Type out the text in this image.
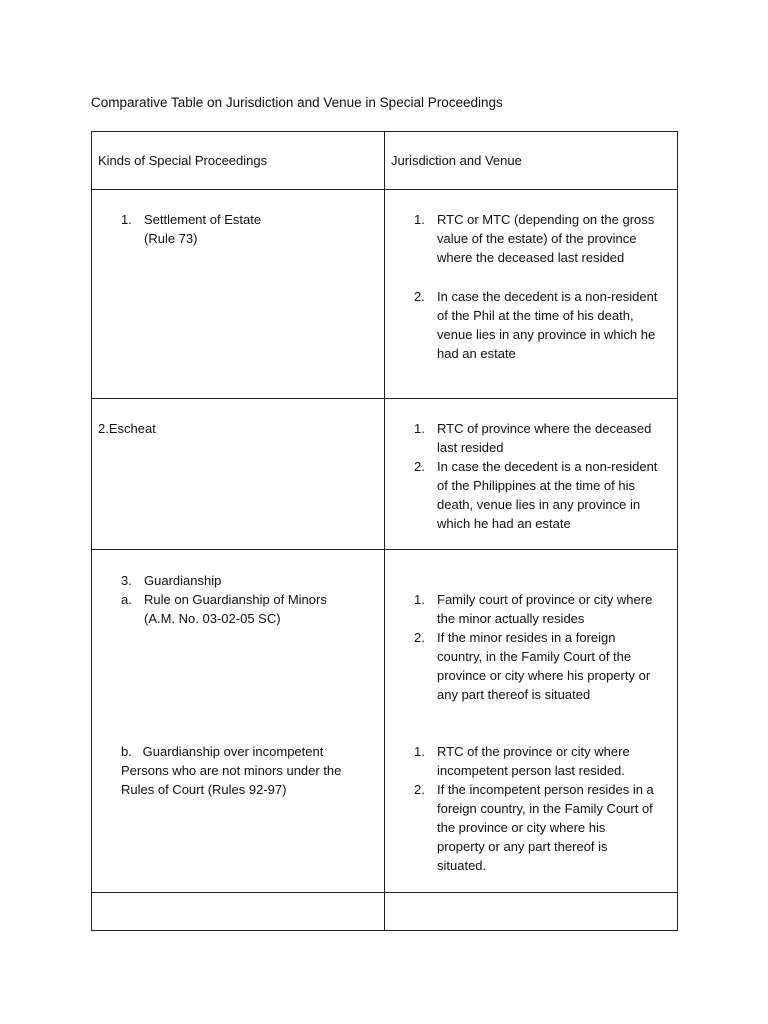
Comparative Table on Jurisdiction and Venue in Special Proceedings
Kinds of Special Proceedings	Jurisdiction and Venue
1. Settlement of Estate
(Rule 73)
1. RTC or MTC (depending on the gross
value of the estate) of the province
where the deceased last resided
2. In case the decedent is a non-resident
of the Phil at the time of his death,
venue lies in any province in which he
had an estate
2.Escheat	1. RTC of province where the deceased
last resided
2. In case the decedent is a non-resident
of the Philippines at the time of his
death, venue lies in any province in
which he had an estate
3. Guardianship
a. Rule on Guardianship of Minors
(A.M. No. 03-02-05 SC)
b.   Guardianship over incompetent
Persons who are not minors under the
Rules of Court (Rules 92-97)
1. Family court of province or city where
the minor actually resides
2. If the minor resides in a foreign
country, in the Family Court of the
province or city where his property or
any part thereof is situated
1. RTC of the province or city where
incompetent person last resided.
2. If the incompetent person resides in a
foreign country, in the Family Court of
the province or city where his
property or any part thereof is
situated.
